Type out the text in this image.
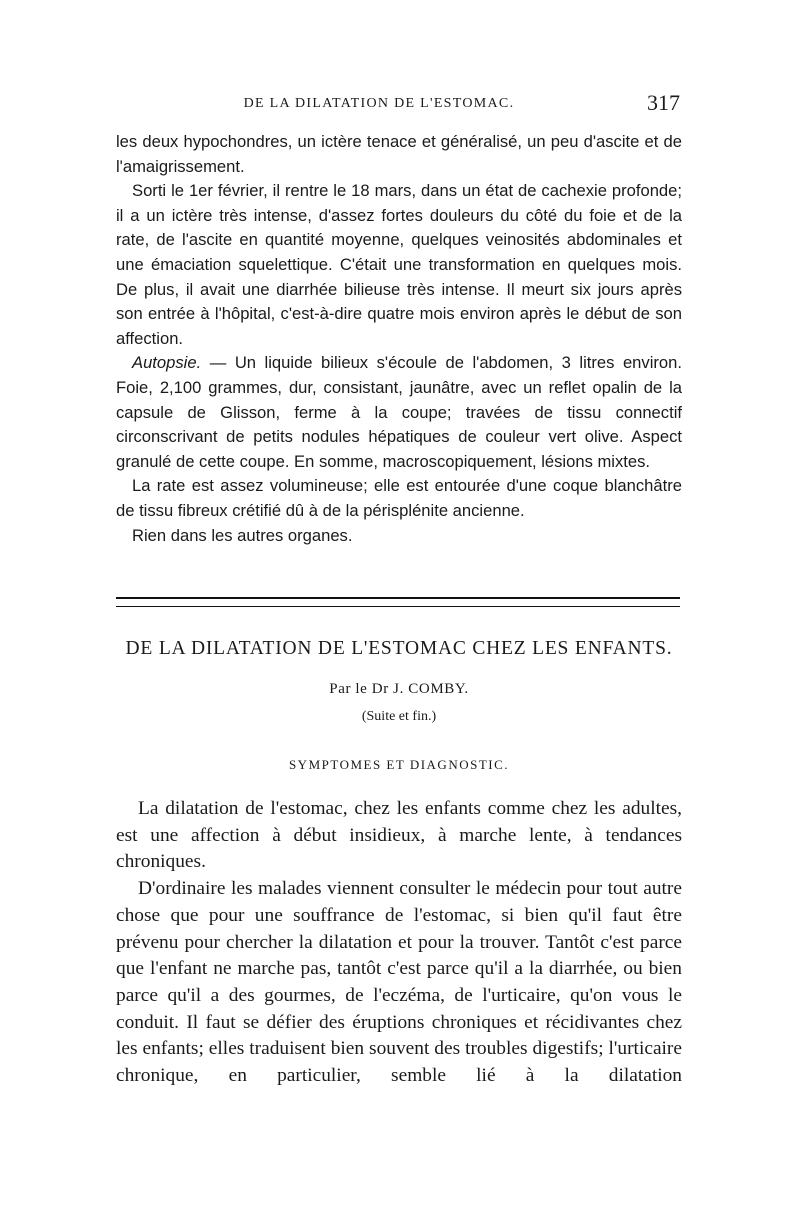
DE LA DILATATION DE L'ESTOMAC.	317

les deux hypochondres, un ictère tenace et généralisé, un peu d'ascite et de l'amaigrissement.

Sorti le 1er février, il rentre le 18 mars, dans un état de cachexie profonde; il a un ictère très intense, d'assez fortes douleurs du côté du foie et de la rate, de l'ascite en quantité moyenne, quelques veinosités abdominales et une émaciation squelettique. C'était une transformation en quelques mois. De plus, il avait une diarrhée bilieuse très intense. Il meurt six jours après son entrée à l'hôpital, c'est-à-dire quatre mois environ après le début de son affection.

Autopsie. — Un liquide bilieux s'écoule de l'abdomen, 3 litres environ. Foie, 2,100 grammes, dur, consistant, jaunâtre, avec un reflet opalin de la capsule de Glisson, ferme à la coupe; travées de tissu connectif circonscrivant de petits nodules hépatiques de couleur vert olive. Aspect granulé de cette coupe. En somme, macroscopiquement, lésions mixtes.

La rate est assez volumineuse; elle est entourée d'une coque blanchâtre de tissu fibreux crétifié dû à de la périsplénite ancienne.

Rien dans les autres organes.

DE LA DILATATION DE L'ESTOMAC CHEZ LES ENFANTS.
Par le Dr J. COMBY.
(Suite et fin.)
SYMPTOMES ET DIAGNOSTIC.

La dilatation de l'estomac, chez les enfants comme chez les adultes, est une affection à début insidieux, à marche lente, à tendances chroniques.

D'ordinaire les malades viennent consulter le médecin pour tout autre chose que pour une souffrance de l'estomac, si bien qu'il faut être prévenu pour chercher la dilatation et pour la trouver. Tantôt c'est parce que l'enfant ne marche pas, tantôt c'est parce qu'il a la diarrhée, ou bien parce qu'il a des gourmes, de l'eczéma, de l'urticaire, qu'on vous le conduit. Il faut se défier des éruptions chroniques et récidivantes chez les enfants; elles traduisent bien souvent des troubles digestifs; l'urticaire chronique, en particulier, semble lié à la dilatation
